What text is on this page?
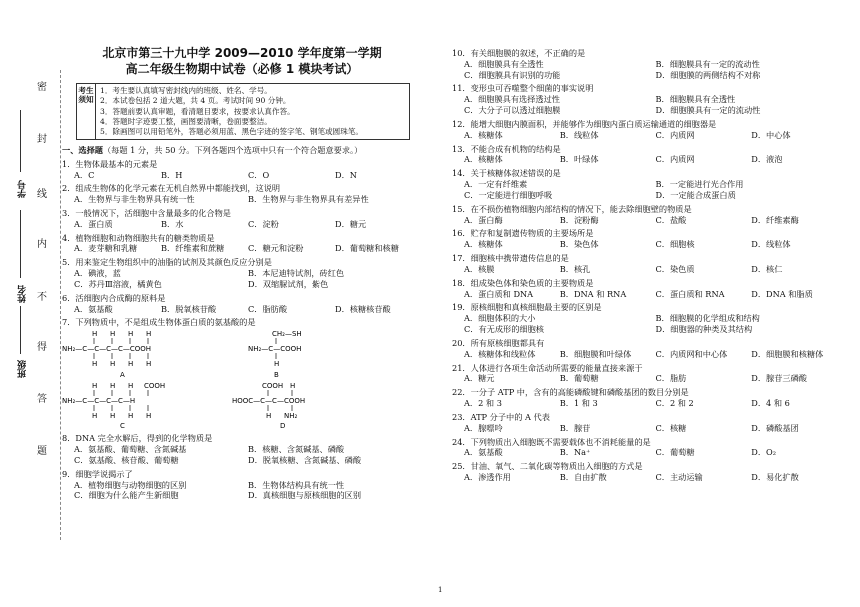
密
封
线
内
不
得
答
题
学号
姓名
班级
北京市第三十九中学 2009—2010 学年度第一学期
高二年级生物期中试卷（必修 1 模块考试）
考生须知
1．考生要认真填写密封线内的班级、姓名、学号。
2．本试卷包括 2 道大题，共 4 页。考试时间 90 分钟。
3．答题前要认真审题，看清题目要求，按要求认真作答。
4．答题时字迹要工整，画图要清晰，卷面要整洁。
5．除画图可以用铅笔外，答题必须用蓝、黑色字迹的签字笔、钢笔或圆珠笔。
一、选择题（每题 1 分，共 50 分。下列各题四个选项中只有一个符合题意要求。）
1．生物体最基本的元素是
A．C	B．H	C．O	D．N
2．组成生物体的化学元素在无机自然界中都能找到，这说明
A．生物界与非生物界具有统一性	B．生物界与非生物界具有差异性
3．一般情况下，活细胞中含量最多的化合物是
A．蛋白质	B．水	C．淀粉	D．糖元
4．植物细胞和动物细胞共有的糖类物质是
A．麦芽糖和乳糖	B．纤维素和蔗糖	C．糖元和淀粉	D．葡萄糖和核糖
5．用来鉴定生物组织中的油脂的试剂及其颜色反应分别是
A．碘液，蓝	B．本尼迪特试剂，砖红色
C．苏丹Ⅲ溶液，橘黄色	D．双缩脲试剂，紫色
6．活细胞内合成酶的原料是
A．氨基酸	B．脱氧核苷酸	C．脂肪酸	D．核糖核苷酸
7．下列物质中，不是组成生物体蛋白质的氨基酸的是
H H H H
NH₂—C—C—C—C—COOH
H H H H
A
CH₂—SH
NH₂—C—COOH
H
B
H H H COOH
NH₂—C—C—C—C—H
H H H H
C
COOH H
HOOC—C—C—COOH
H NH₂
D
8．DNA 完全水解后，得到的化学物质是
A．氨基酸、葡萄糖、含氮碱基	B．核糖、含氮碱基、磷酸
C．氨基酸、核苷酸、葡萄糖	D．脱氧核糖、含氮碱基、磷酸
9．细胞学说揭示了
A．植物细胞与动物细胞的区别	B．生物体结构具有统一性
C．细胞为什么能产生新细胞	D．真核细胞与原核细胞的区别
10．有关细胞膜的叙述，不正确的是
A．细胞膜具有全透性	B．细胞膜具有一定的流动性
C．细胞膜具有识别的功能	D．细胞膜的两侧结构不对称
11．变形虫可吞噬整个细菌的事实说明
A．细胞膜具有选择透过性	B．细胞膜具有全透性
C．大分子可以透过细胞膜	D．细胞膜具有一定的流动性
12．能增大细胞内膜面积，并能够作为细胞内蛋白质运输通道的细胞器是
A．核糖体	B．线粒体	C．内质网	D．中心体
13．不能合成有机物的结构是
A．核糖体	B．叶绿体	C．内质网	D．液泡
14．关于核糖体叙述错误的是
A．一定有纤维素	B．一定能进行光合作用
C．一定能进行细胞呼吸	D．一定能合成蛋白质
15．在不损伤植物细胞内部结构的情况下，能去除细胞壁的物质是
A．蛋白酶	B．淀粉酶	C．盐酸	D．纤维素酶
16．贮存和复制遗传物质的主要场所是
A．核糖体	B．染色体	C．细胞核	D．线粒体
17．细胞核中携带遗传信息的是
A．核膜	B．核孔	C．染色质	D．核仁
18．组成染色体和染色质的主要物质是
A．蛋白质和 DNA	B．DNA 和 RNA	C．蛋白质和 RNA	D．DNA 和脂质
19．原核细胞和真核细胞最主要的区别是
A．细胞体积的大小	B．细胞膜的化学组成和结构
C．有无成形的细胞核	D．细胞器的种类及其结构
20．所有原核细胞都具有
A．核糖体和线粒体	B．细胞膜和叶绿体	C．内质网和中心体	D．细胞膜和核糖体
21．人体进行各项生命活动所需要的能量直接来源于
A．糖元	B．葡萄糖	C．脂肪	D．腺苷三磷酸
22．一分子 ATP 中，含有的高能磷酸键和磷酸基团的数目分别是
A．2 和 3	B．1 和 3	C．2 和 2	D．4 和 6
23．ATP 分子中的 A 代表
A．腺嘌呤	B．腺苷	C．核糖	D．磷酸基团
24．下列物质出入细胞既不需要载体也不消耗能量的是
A．氨基酸	B．Na⁺	C．葡萄糖	D．O₂
25．甘油、氧气、二氧化碳等物质出入细胞的方式是
A．渗透作用	B．自由扩散	C．主动运输	D．易化扩散
1
